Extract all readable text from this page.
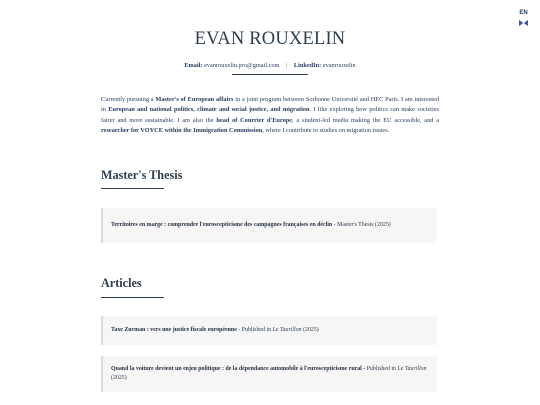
EN
EVAN ROUXELIN
Email: evanrouxelin.pro@gmail.com | LinkedIn: evanrouxelin

Currently pursuing a Master's of European affairs in a joint program between Sorbonne Université and HEC Paris. I am interested in European and national politics, climate and social justice, and migration. I like exploring how politics can make societies fairer and more sustainable. I am also the head of Courrier d'Europe, a student-led media making the EU accessible, and a researcher for VOYCE within the Immigration Commission, where I contribute to studies on migration issues.

Master's Thesis
Territoires en marge : comprendre l'euroscepticisme des campagnes françaises en déclin - Master's Thesis (2025)
Articles
Taxe Zucman : vers une justice fiscale européenne - Published in Le Taurillon (2025)
Quand la voiture devient un enjeu politique : de la dépendance automobile à l'euroscepticisme rural - Published in Le Taurillon (2025)
